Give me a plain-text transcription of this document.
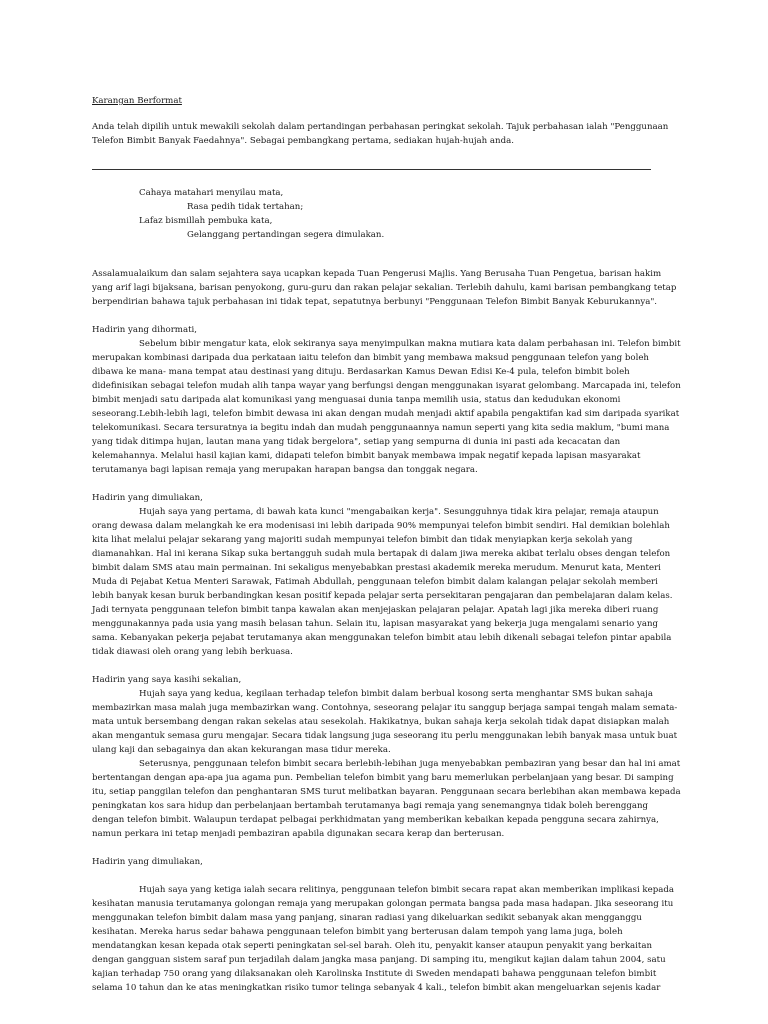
Karangan Berformat
Anda telah dipilih untuk mewakili sekolah dalam pertandingan perbahasan peringkat sekolah. Tajuk perbahasan ialah "Penggunaan Telefon Bimbit Banyak Faedahnya". Sebagai pembangkang pertama, sediakan hujah-hujah anda.
Cahaya matahari menyilau mata,
Rasa pedih tidak tertahan;
Lafaz bismillah pembuka kata,
Gelanggang pertandingan segera dimulakan.

Assalamualaikum dan salam sejahtera saya ucapkan kepada Tuan Pengerusi Majlis. Yang Berusaha Tuan Pengetua, barisan hakim yang arif lagi bijaksana, barisan penyokong, guru-guru dan rakan pelajar sekalian. Terlebih dahulu, kami barisan pembangkang tetap berpendirian bahawa tajuk perbahasan ini tidak tepat, sepatutnya berbunyi "Penggunaan Telefon Bimbit Banyak Keburukannya".

Hadirin yang dihormati,

Sebelum bibir mengatur kata, elok sekiranya saya menyimpulkan makna mutiara kata dalam perbahasan ini. Telefon bimbit merupakan kombinasi daripada dua perkataan iaitu telefon dan bimbit yang membawa maksud penggunaan telefon yang boleh dibawa ke mana- mana tempat atau destinasi yang dituju. Berdasarkan Kamus Dewan Edisi Ke-4 pula, telefon bimbit boleh didefinisikan sebagai telefon mudah alih tanpa wayar yang berfungsi dengan menggunakan isyarat gelombang. Marcapada ini, telefon bimbit menjadi satu daripada alat komunikasi yang menguasai dunia tanpa memilih usia, status dan kedudukan ekonomi seseorang.Lebih-lebih lagi, telefon bimbit dewasa ini akan dengan mudah menjadi aktif apabila pengaktifan kad sim daripada syarikat telekomunikasi. Secara tersuratnya ia begitu indah dan mudah penggunaannya namun seperti yang kita sedia maklum, "bumi mana yang tidak ditimpa hujan, lautan mana yang tidak bergelora", setiap yang sempurna di dunia ini pasti ada kecacatan dan kelemahannya. Melalui hasil kajian kami, didapati telefon bimbit banyak membawa impak negatif kepada lapisan masyarakat terutamanya bagi lapisan remaja yang merupakan harapan bangsa dan tonggak negara.

Hadirin yang dimuliakan,

Hujah saya yang pertama, di bawah kata kunci "mengabaikan kerja". Sesungguhnya tidak kira pelajar, remaja ataupun orang dewasa dalam melangkah ke era modenisasi ini lebih daripada 90% mempunyai telefon bimbit sendiri. Hal demikian bolehlah kita lihat melalui pelajar sekarang yang majoriti sudah mempunyai telefon bimbit dan tidak menyiapkan kerja sekolah yang diamanahkan. Hal ini kerana Sikap suka bertangguh sudah mula bertapak di dalam jiwa mereka akibat terlalu obses dengan telefon bimbit dalam SMS atau main permainan. Ini sekaligus menyebabkan prestasi akademik mereka merudum. Menurut kata, Menteri Muda di Pejabat Ketua Menteri Sarawak, Fatimah Abdullah, penggunaan telefon bimbit dalam kalangan pelajar sekolah memberi lebih banyak kesan buruk berbandingkan kesan positif kepada pelajar serta persekitaran pengajaran dan pembelajaran dalam kelas. Jadi ternyata penggunaan telefon bimbit tanpa kawalan akan menjejaskan pelajaran pelajar. Apatah lagi jika mereka diberi ruang menggunakannya pada usia yang masih belasan tahun. Selain itu, lapisan masyarakat yang bekerja juga mengalami senario yang sama. Kebanyakan pekerja pejabat terutamanya akan menggunakan telefon bimbit atau lebih dikenali sebagai telefon pintar apabila tidak diawasi oleh orang yang lebih berkuasa.

Hadirin yang saya kasihi sekalian,

Hujah saya yang kedua, kegilaan terhadap telefon bimbit dalam berbual kosong serta menghantar SMS bukan sahaja membazirkan masa malah juga membazirkan wang. Contohnya, seseorang pelajar itu sanggup berjaga sampai tengah malam semata-mata untuk bersembang dengan rakan sekelas atau sesekolah. Hakikatnya, bukan sahaja kerja sekolah tidak dapat disiapkan malah akan mengantuk semasa guru mengajar. Secara tidak langsung juga seseorang itu perlu menggunakan lebih banyak masa untuk buat ulang kaji dan sebagainya dan akan kekurangan masa tidur mereka.

Seterusnya, penggunaan telefon bimbit secara berlebih-lebihan juga menyebabkan pembaziran yang besar dan hal ini amat bertentangan dengan apa-apa jua agama pun. Pembelian telefon bimbit yang baru memerlukan perbelanjaan yang besar. Di samping itu, setiap panggilan telefon dan penghantaran SMS turut melibatkan bayaran. Penggunaan secara berlebihan akan membawa kepada peningkatan kos sara hidup dan perbelanjaan bertambah terutamanya bagi remaja yang senemangnya tidak boleh berenggang dengan telefon bimbit. Walaupun terdapat pelbagai perkhidmatan yang memberikan kebaikan kepada pengguna secara zahirnya, namun perkara ini tetap menjadi pembaziran apabila digunakan secara kerap dan berterusan.

Hadirin yang dimuliakan,

Hujah saya yang ketiga ialah secara relitinya, penggunaan telefon bimbit secara rapat akan memberikan implikasi kepada kesihatan manusia terutamanya golongan remaja yang merupakan golongan permata bangsa pada masa hadapan. Jika seseorang itu menggunakan telefon bimbit dalam masa yang panjang, sinaran radiasi yang dikeluarkan sedikit sebanyak akan mengganggu kesihatan. Mereka harus sedar bahawa penggunaan telefon bimbit yang berterusan dalam tempoh yang lama juga, boleh mendatangkan kesan kepada otak seperti peningkatan sel-sel barah. Oleh itu, penyakit kanser ataupun penyakit yang berkaitan dengan gangguan sistem saraf pun terjadilah dalam jangka masa panjang. Di samping itu, mengikut kajian dalam tahun 2004, satu kajian terhadap 750 orang yang dilaksanakan oleh Karolinska Institute di Sweden mendapati bahawa penggunaan telefon bimbit selama 10 tahun dan ke atas meningkatkan risiko tumor telinga sebanyak 4 kali., telefon bimbit akan mengeluarkan sejenis kadar
